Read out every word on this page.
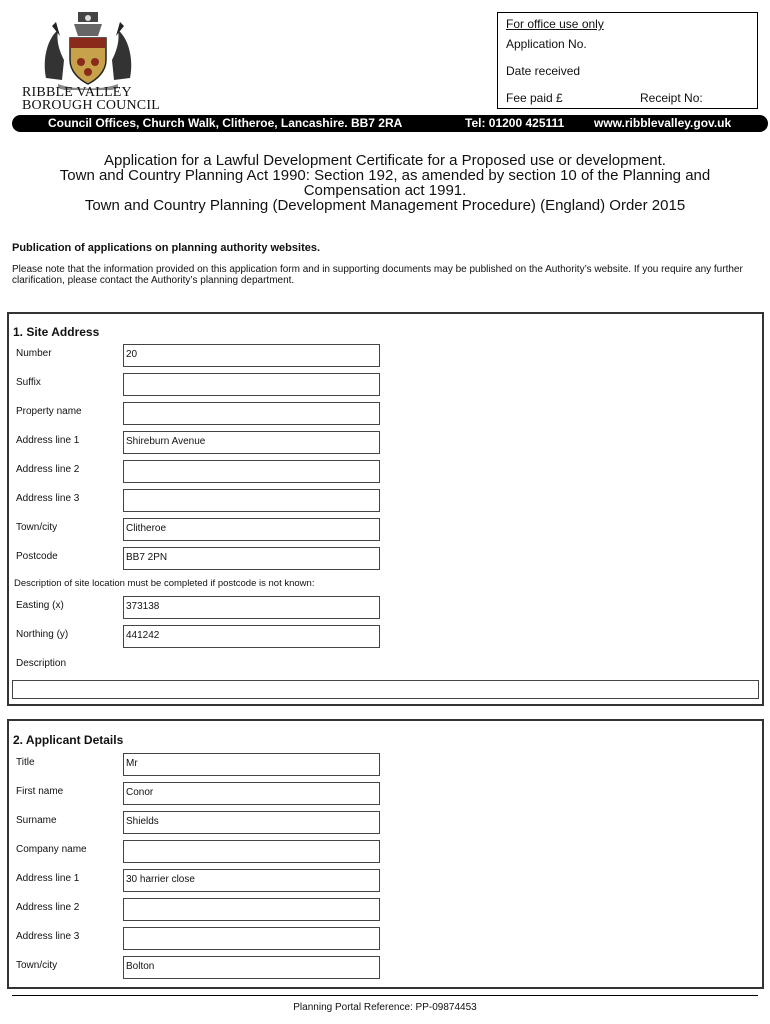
RIBBLE VALLEY
BOROUGH COUNCIL
For office use only
Application No.
Date received
Fee paid £	Receipt No:
Council Offices, Church Walk, Clitheroe, Lancashire. BB7 2RA	Tel: 01200 425111 www.ribblevalley.gov.uk
Application for a Lawful Development Certificate for a Proposed use or development.
Town and Country Planning Act 1990: Section 192, as amended by section 10 of the Planning and
Compensation act 1991.
Town and Country Planning (Development Management Procedure) (England) Order 2015
Publication of applications on planning authority websites.
Please note that the information provided on this application form and in supporting documents may be published on the Authority’s website. If you require any further clarification, please contact the Authority’s planning department.
1. Site Address
Number	20
Suffix
Property name
Address line 1	Shireburn Avenue
Address line 2
Address line 3
Town/city	Clitheroe
Postcode	BB7 2PN
Description of site location must be completed if postcode is not known:
Easting (x)	373138
Northing (y)	441242
Description
2. Applicant Details
Title	Mr
First name	Conor
Surname	Shields
Company name
Address line 1	30 harrier close
Address line 2
Address line 3
Town/city	Bolton
Planning Portal Reference: PP-09874453
